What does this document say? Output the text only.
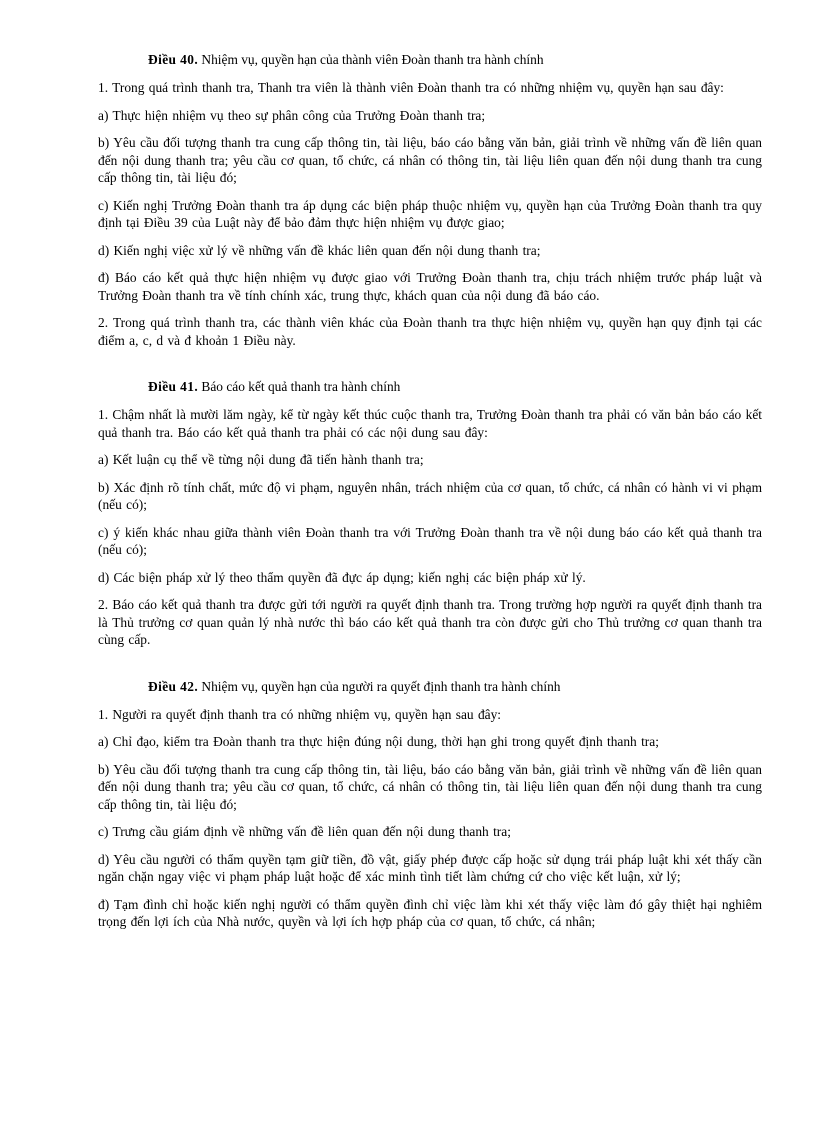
Điều 40. Nhiệm vụ, quyền hạn của thành viên Đoàn thanh tra hành chính

1. Trong quá trình thanh tra, Thanh tra viên là thành viên Đoàn thanh tra có những nhiệm vụ, quyền hạn sau đây:

a) Thực hiện nhiệm vụ theo sự phân công của Trưởng Đoàn thanh tra;

b) Yêu cầu đối tượng thanh tra cung cấp thông tin, tài liệu, báo cáo bằng văn bản, giải trình về những vấn đề liên quan đến nội dung thanh tra; yêu cầu cơ quan, tổ chức, cá nhân có thông tin, tài liệu liên quan đến nội dung thanh tra cung cấp thông tin, tài liệu đó;

c) Kiến nghị Trưởng Đoàn thanh tra áp dụng các biện pháp thuộc nhiệm vụ, quyền hạn của Trưởng Đoàn thanh tra quy định tại Điều 39 của Luật này để bảo đảm thực hiện nhiệm vụ được giao;

d) Kiến nghị việc xử lý về những vấn đề khác liên quan đến nội dung thanh tra;

đ) Báo cáo kết quả thực hiện nhiệm vụ được giao với Trưởng Đoàn thanh tra, chịu trách nhiệm trước pháp luật và Trưởng Đoàn thanh tra về tính chính xác, trung thực, khách quan của nội dung đã báo cáo.

2. Trong quá trình thanh tra, các thành viên khác của Đoàn thanh tra thực hiện nhiệm vụ, quyền hạn quy định tại các điểm a, c, d và đ khoản 1 Điều này.

Điều 41. Báo cáo kết quả thanh tra hành chính

1. Chậm nhất là mười lăm ngày, kể từ ngày kết thúc cuộc thanh tra, Trưởng Đoàn thanh tra phải có văn bản báo cáo kết quả thanh tra. Báo cáo kết quả thanh tra phải có các nội dung sau đây:

a) Kết luận cụ thể về từng nội dung đã tiến hành thanh tra;

b) Xác định rõ tính chất, mức độ vi phạm, nguyên nhân, trách nhiệm của cơ quan, tổ chức, cá nhân có hành vi vi phạm (nếu có);

c) ý kiến khác nhau giữa thành viên Đoàn thanh tra với Trưởng Đoàn thanh tra về nội dung báo cáo kết quả thanh tra (nếu có);

d) Các biện pháp xử lý theo thẩm quyền đã đực áp dụng; kiến nghị các biện pháp xử lý.

2. Báo cáo kết quả thanh tra được gửi tới người ra quyết định thanh tra. Trong trường hợp người ra quyết định thanh tra là Thủ trưởng cơ quan quản lý nhà nước thì báo cáo kết quả thanh tra còn được gửi cho Thủ trưởng cơ quan thanh tra cùng cấp.

Điều 42. Nhiệm vụ, quyền hạn của người ra quyết định thanh tra hành chính

1. Người ra quyết định thanh tra có những nhiệm vụ, quyền hạn sau đây:

a) Chỉ đạo, kiểm tra Đoàn thanh tra thực hiện đúng nội dung, thời hạn ghi trong quyết định thanh tra;

b) Yêu cầu đối tượng thanh tra cung cấp thông tin, tài liệu, báo cáo bằng văn bản, giải trình về những vấn đề liên quan đến nội dung thanh tra; yêu cầu cơ quan, tổ chức, cá nhân có thông tin, tài liệu liên quan đến nội dung thanh tra cung cấp thông tin, tài liệu đó;

c) Trưng cầu giám định về những vấn đề liên quan đến nội dung thanh tra;

d) Yêu cầu người có thẩm quyền tạm giữ tiền, đồ vật, giấy phép được cấp hoặc sử dụng trái pháp luật khi xét thấy cần ngăn chặn ngay việc vi phạm pháp luật hoặc để xác minh tình tiết làm chứng cứ cho việc kết luận, xử lý;

đ) Tạm đình chỉ hoặc kiến nghị người có thẩm quyền đình chỉ việc làm khi xét thấy việc làm đó gây thiệt hại nghiêm trọng đến lợi ích của Nhà nước, quyền và lợi ích hợp pháp của cơ quan, tổ chức, cá nhân;
